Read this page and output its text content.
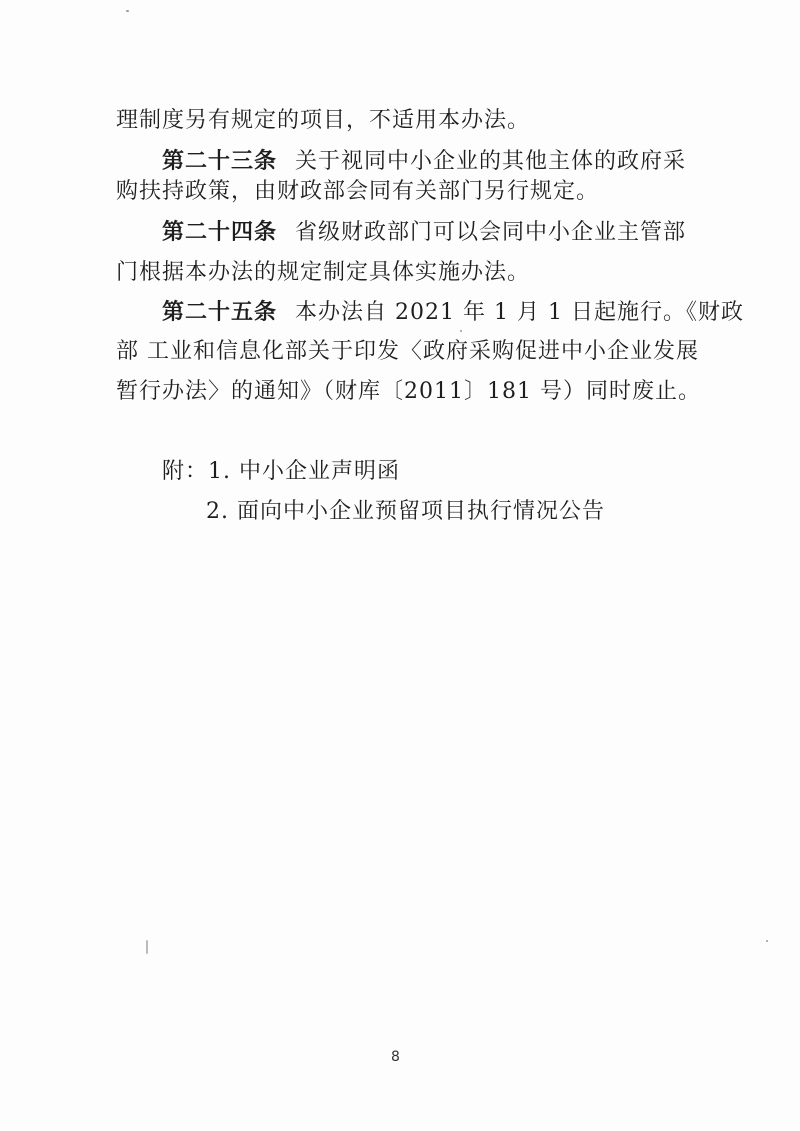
理制度另有规定的项目，不适用本办法。
第二十三条 关于视同中小企业的其他主体的政府采
购扶持政策，由财政部会同有关部门另行规定。
第二十四条 省级财政部门可以会同中小企业主管部
门根据本办法的规定制定具体实施办法。
第二十五条 本办法自 2021 年 1 月 1 日起施行。《财政
部 工业和信息化部关于印发〈政府采购促进中小企业发展
暂行办法〉的通知》（财库〔2011〕181 号）同时废止。
附：1. 中小企业声明函
2. 面向中小企业预留项目执行情况公告
8
